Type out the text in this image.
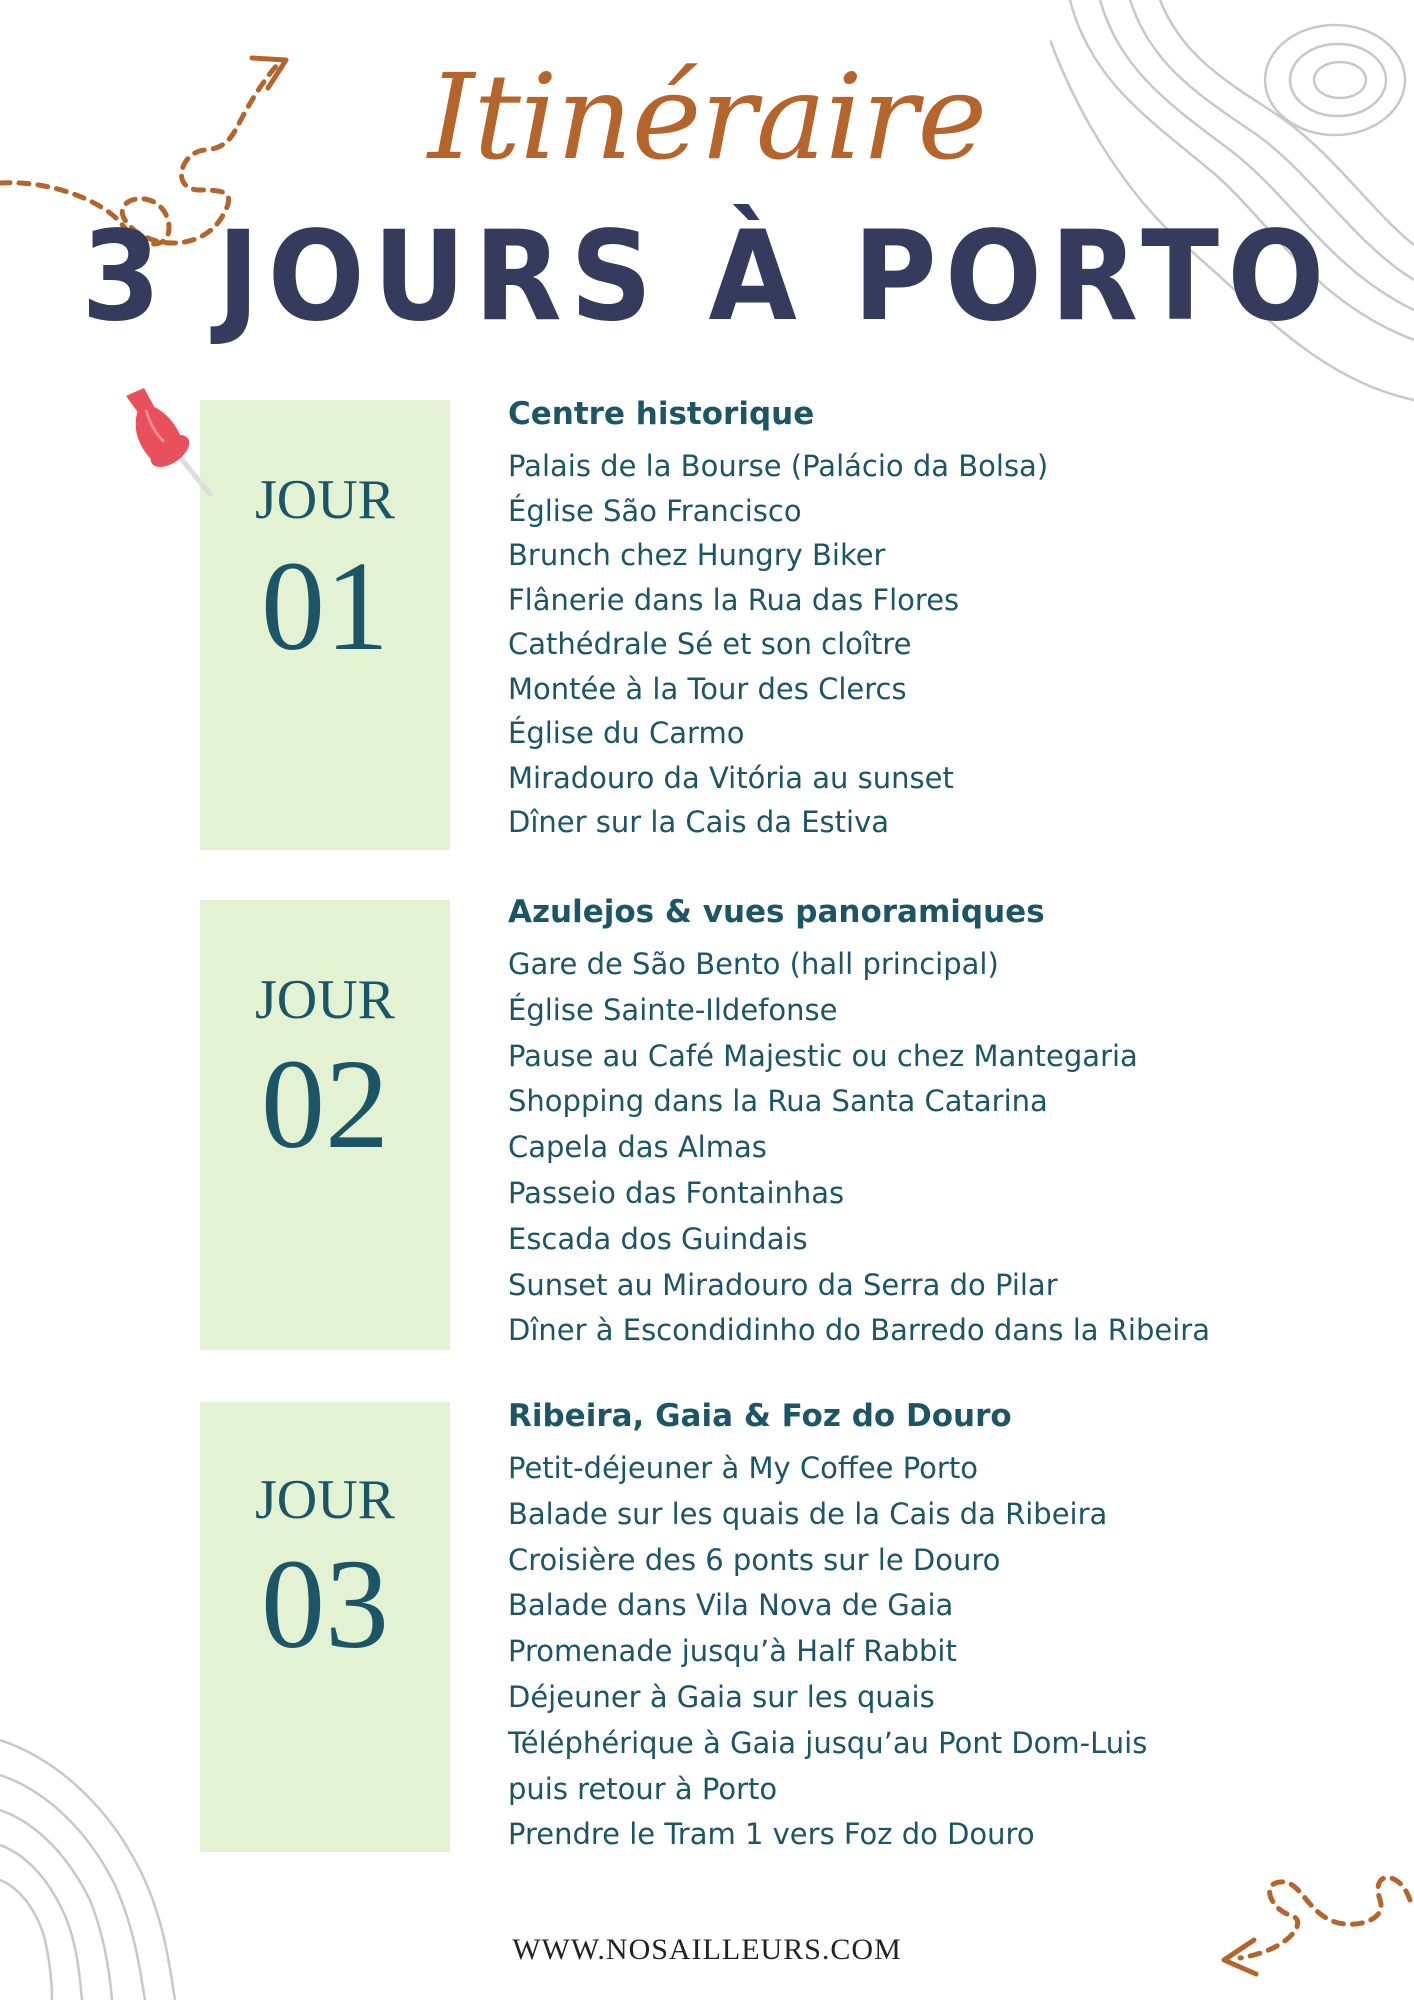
Itinéraire
3 JOURS À PORTO
JOUR
01
Centre historique
Palais de la Bourse (Palácio da Bolsa)
Église São Francisco
Brunch chez Hungry Biker
Flânerie dans la Rua das Flores
Cathédrale Sé et son cloître
Montée à la Tour des Clercs
Église du Carmo
Miradouro da Vitória au sunset
Dîner sur la Cais da Estiva
JOUR
02
Azulejos & vues panoramiques
Gare de São Bento (hall principal)
Église Sainte-Ildefonse
Pause au Café Majestic ou chez Mantegaria
Shopping dans la Rua Santa Catarina
Capela das Almas
Passeio das Fontainhas
Escada dos Guindais
Sunset au Miradouro da Serra do Pilar
Dîner à Escondidinho do Barredo dans la Ribeira
JOUR
03
Ribeira, Gaia & Foz do Douro
Petit-déjeuner à My Coffee Porto
Balade sur les quais de la Cais da Ribeira
Croisière des 6 ponts sur le Douro
Balade dans Vila Nova de Gaia
Promenade jusqu’à Half Rabbit
Déjeuner à Gaia sur les quais
Téléphérique à Gaia jusqu’au Pont Dom-Luis
puis retour à Porto
Prendre le Tram 1 vers Foz do Douro
WWW.NOSAILLEURS.COM
